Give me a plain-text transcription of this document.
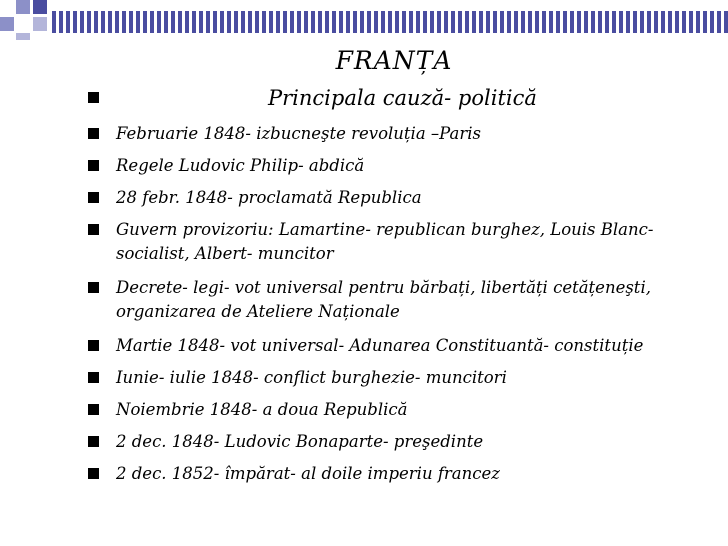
FRANȚA
Principala cauză- politică
Februarie 1848- izbucneşte revoluția –Paris
Regele Ludovic Philip- abdică
28 febr. 1848- proclamată Republica
Guvern provizoriu: Lamartine- republican burghez, Louis Blanc- socialist, Albert- muncitor
Decrete- legi- vot universal pentru bărbați, libertăți cetățeneşti, organizarea de Ateliere Naționale
Martie 1848- vot universal- Adunarea Constituantă- constituție
Iunie- iulie 1848- conflict burghezie- muncitori
Noiembrie 1848- a doua Republică
2 dec. 1848- Ludovic Bonaparte- preşedinte
2 dec. 1852- împărat- al doile imperiu francez
